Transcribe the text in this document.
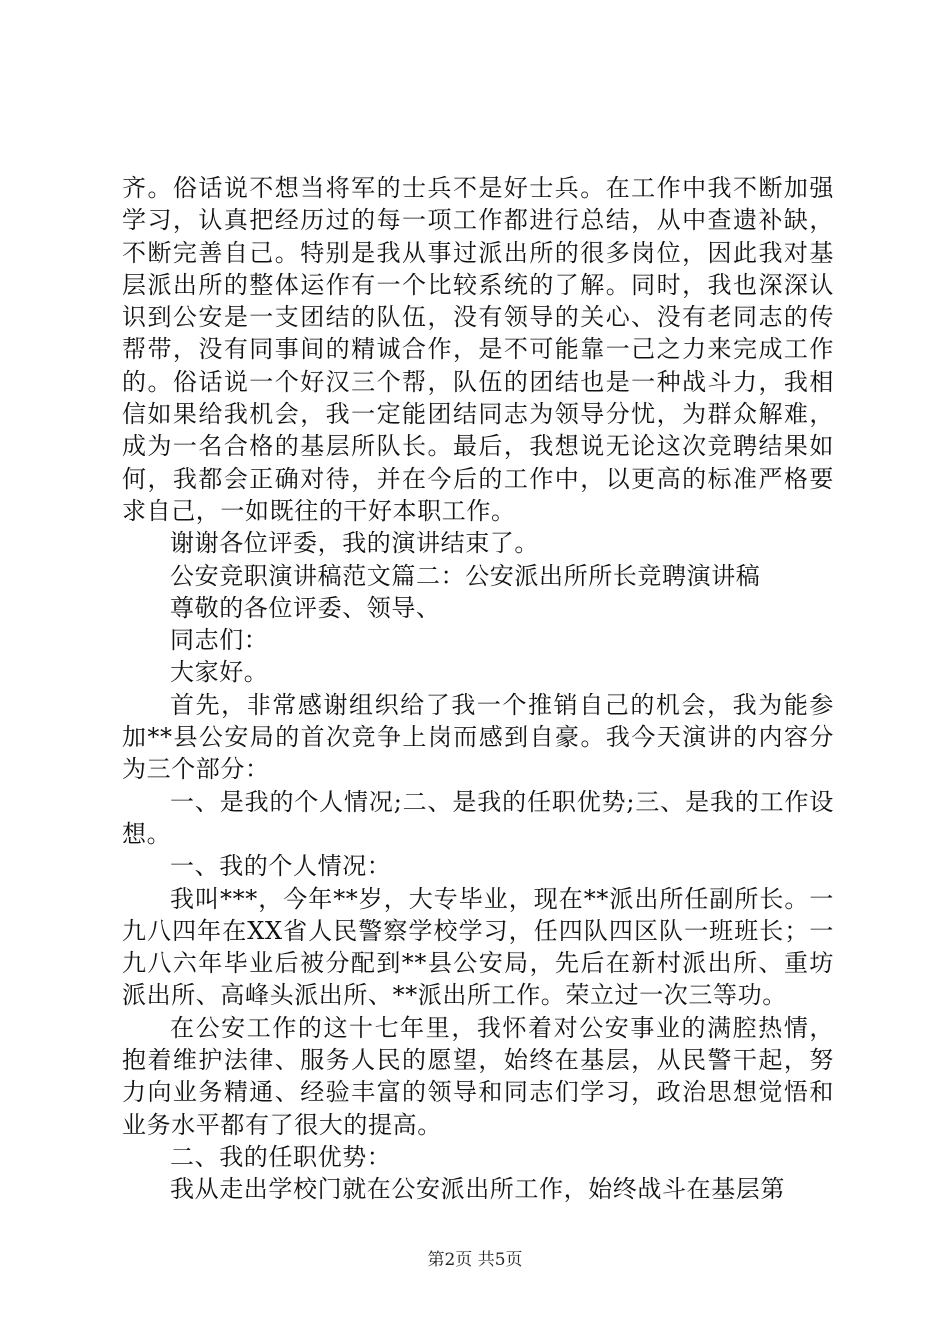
齐。俗话说不想当将军的士兵不是好士兵。在工作中我不断加强学习，认真把经历过的每一项工作都进行总结，从中查遗补缺，不断完善自己。特别是我从事过派出所的很多岗位，因此我对基层派出所的整体运作有一个比较系统的了解。同时，我也深深认识到公安是一支团结的队伍，没有领导的关心、没有老同志的传帮带，没有同事间的精诚合作，是不可能靠一己之力来完成工作的。俗话说一个好汉三个帮，队伍的团结也是一种战斗力，我相信如果给我机会，我一定能团结同志为领导分忧，为群众解难，成为一名合格的基层所队长。最后，我想说无论这次竞聘结果如何，我都会正确对待，并在今后的工作中，以更高的标准严格要求自己，一如既往的干好本职工作。

谢谢各位评委，我的演讲结束了。

公安竞职演讲稿范文篇二：公安派出所所长竞聘演讲稿

尊敬的各位评委、领导、

同志们：

大家好。

首先，非常感谢组织给了我一个推销自己的机会，我为能参加**县公安局的首次竞争上岗而感到自豪。我今天演讲的内容分为三个部分：

一、是我的个人情况;二、是我的任职优势;三、是我的工作设想。

一、我的个人情况：

我叫***，今年**岁，大专毕业，现在**派出所任副所长。一九八四年在XX省人民警察学校学习，任四队四区队一班班长；一九八六年毕业后被分配到**县公安局，先后在新村派出所、重坊派出所、高峰头派出所、**派出所工作。荣立过一次三等功。

在公安工作的这十七年里，我怀着对公安事业的满腔热情，抱着维护法律、服务人民的愿望，始终在基层，从民警干起，努力向业务精通、经验丰富的领导和同志们学习，政治思想觉悟和业务水平都有了很大的提高。

二、我的任职优势：

我从走出学校门就在公安派出所工作，始终战斗在基层第

第2页 共5页
